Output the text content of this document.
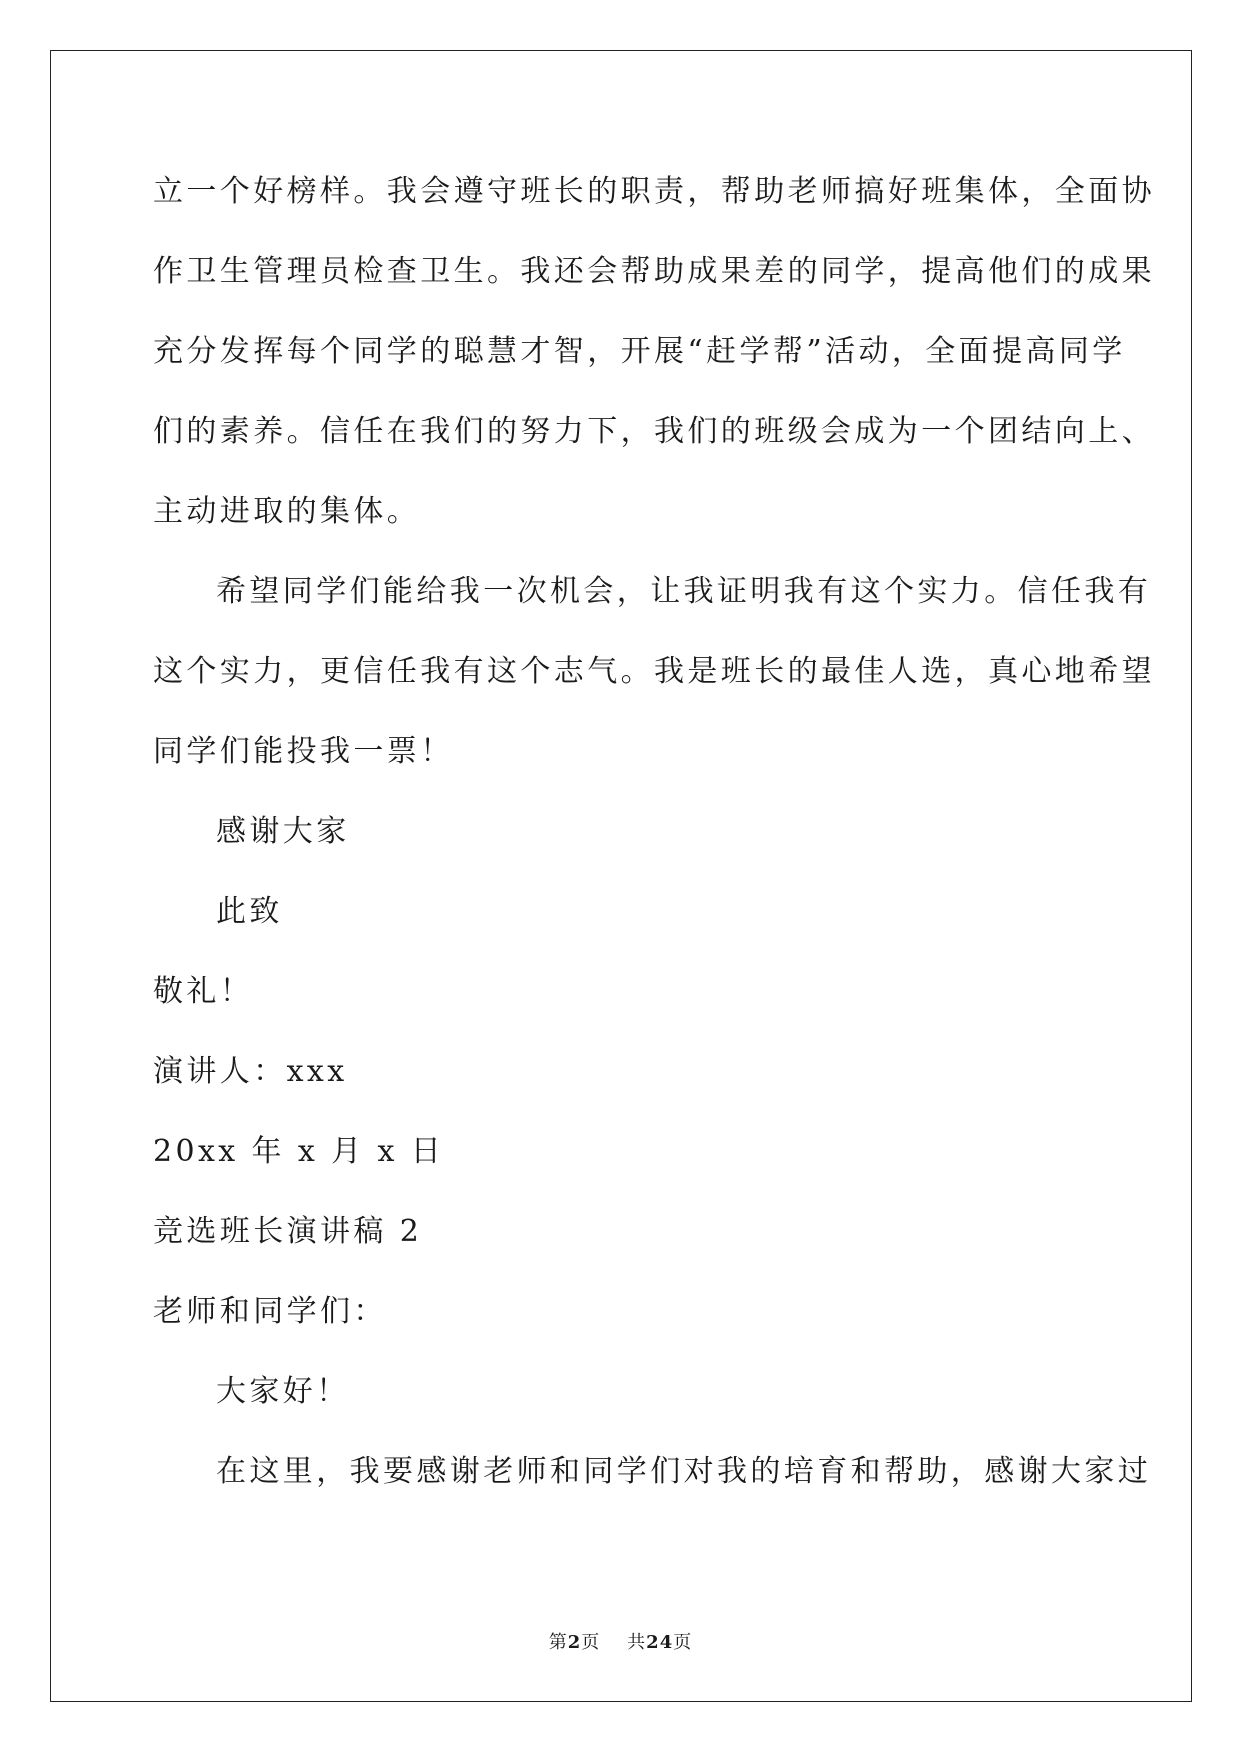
立一个好榜样。我会遵守班长的职责，帮助老师搞好班集体，全面协
作卫生管理员检查卫生。我还会帮助成果差的同学，提高他们的成果
充分发挥每个同学的聪慧才智，开展“赶学帮”活动，全面提高同学
们的素养。信任在我们的努力下，我们的班级会成为一个团结向上、
主动进取的集体。
希望同学们能给我一次机会，让我证明我有这个实力。信任我有
这个实力，更信任我有这个志气。我是班长的最佳人选，真心地希望
同学们能投我一票！
感谢大家
此致
敬礼！
演讲人：xxx
20xx 年 x 月 x 日
竞选班长演讲稿 2
老师和同学们：
大家好！
在这里，我要感谢老师和同学们对我的培育和帮助，感谢大家过
第2页 共24页
